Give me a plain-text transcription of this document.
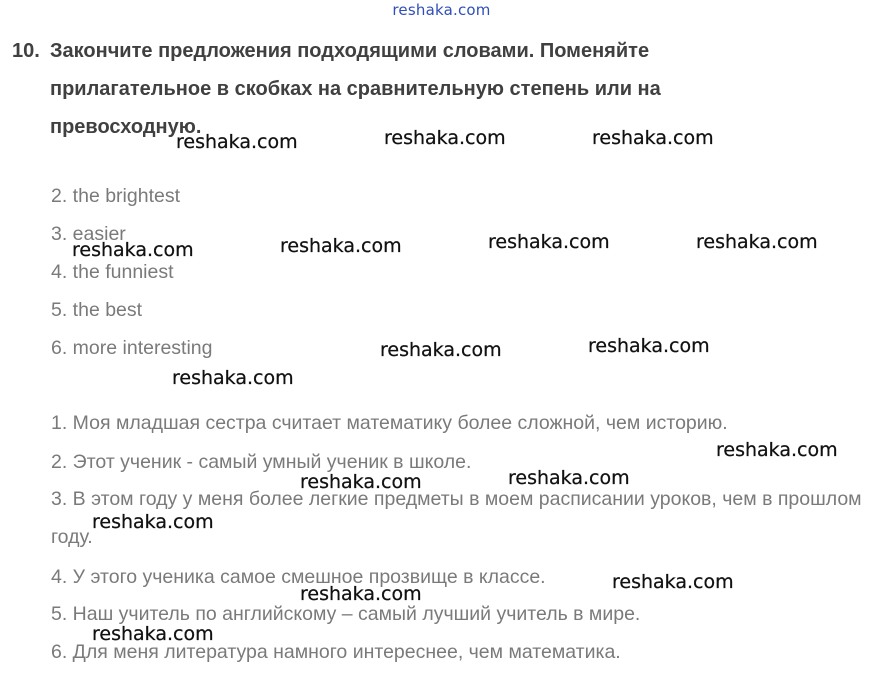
reshaka.com
10. Закончите предложения подходящими словами. Поменяйте
прилагательное в скобках на сравнительную степень или на
превосходную.
2. the brightest
3. easier
4. the funniest
5. the best
6. more interesting
1. Моя младшая сестра считает математику более сложной, чем историю.
2. Этот ученик - самый умный ученик в школе.
3. В этом году у меня более легкие предметы в моем расписании уроков, чем в прошлом году.
4. У этого ученика самое смешное прозвище в классе.
5. Наш учитель по английскому – самый лучший учитель в мире.
6. Для меня литература намного интереснее, чем математика.
reshaka.com	reshaka.com	reshaka.com
reshaka.com	reshaka.com	reshaka.com	reshaka.com
reshaka.com	reshaka.com
reshaka.com
reshaka.com
reshaka.com
reshaka.com
reshaka.com
reshaka.com
reshaka.com
reshaka.com
